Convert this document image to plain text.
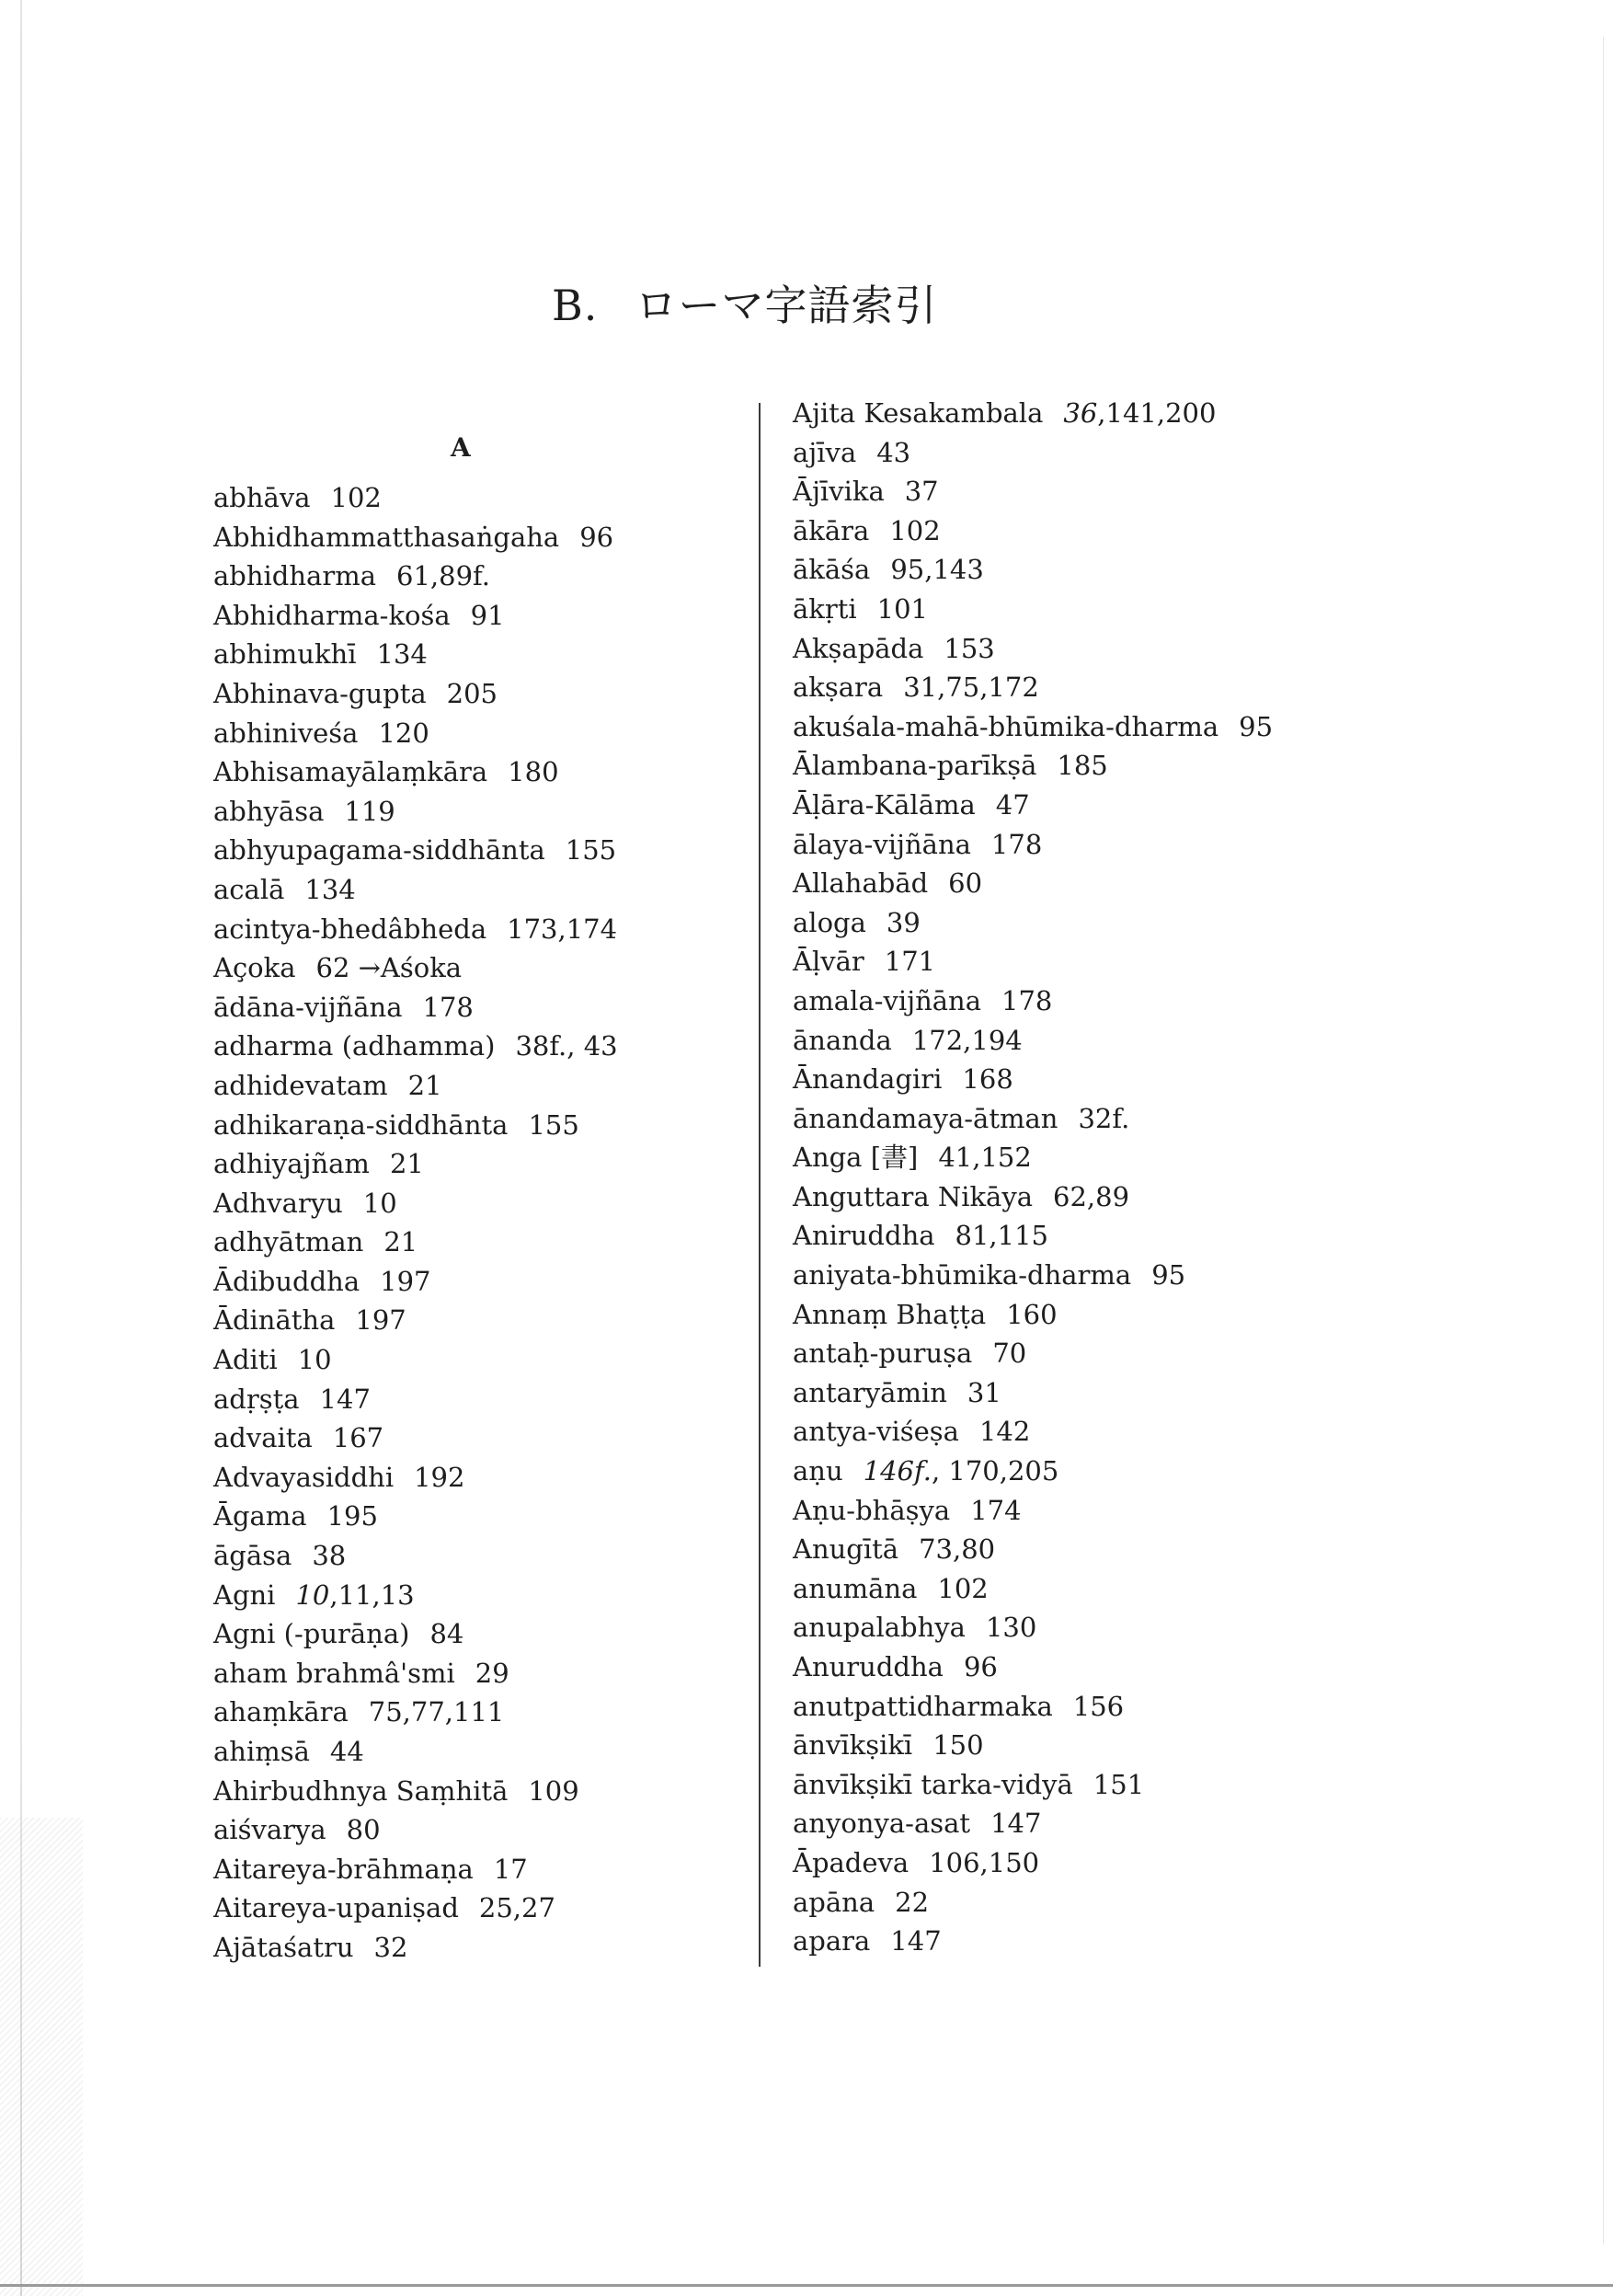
B. ローマ字語索引
A
abhāva 102
Abhidhammatthasaṅgaha 96
abhidharma 61,89f.
Abhidharma-kośa 91
abhimukhī 134
Abhinava-gupta 205
abhiniveśa 120
Abhisamayālaṃkāra 180
abhyāsa 119
abhyupagama-siddhānta 155
acalā 134
acintya-bhedâbheda 173,174
Açoka 62 →Aśoka
ādāna-vijñāna 178
adharma (adhamma) 38f., 43
adhidevatam 21
adhikaraṇa-siddhānta 155
adhiyajñam 21
Adhvaryu 10
adhyātman 21
Ādibuddha 197
Ādinātha 197
Aditi 10
adṛṣṭa 147
advaita 167
Advayasiddhi 192
Āgama 195
āgāsa 38
Agni 10,11,13
Agni (-purāṇa) 84
aham brahmâ'smi 29
ahaṃkāra 75,77,111
ahiṃsā 44
Ahirbudhnya Saṃhitā 109
aiśvarya 80
Aitareya-brāhmaṇa 17
Aitareya-upaniṣad 25,27
Ajātaśatru 32
Ajita Kesakambala 36,141,200
ajīva 43
Ājīvika 37
ākāra 102
ākāśa 95,143
ākṛti 101
Akṣapāda 153
akṣara 31,75,172
akuśala-mahā-bhūmika-dharma 95
Ālambana-parīkṣā 185
Āḷāra-Kālāma 47
ālaya-vijñāna 178
Allahabād 60
aloga 39
Āḷvār 171
amala-vijñāna 178
ānanda 172,194
Ānandagiri 168
ānandamaya-ātman 32f.
Anga [書] 41,152
Anguttara Nikāya 62,89
Aniruddha 81,115
aniyata-bhūmika-dharma 95
Annaṃ Bhaṭṭa 160
antaḥ-puruṣa 70
antaryāmin 31
antya-viśeṣa 142
aṇu 146f., 170,205
Aṇu-bhāṣya 174
Anugītā 73,80
anumāna 102
anupalabhya 130
Anuruddha 96
anutpattidharmaka 156
ānvīkṣikī 150
ānvīkṣikī tarka-vidyā 151
anyonya-asat 147
Āpadeva 106,150
apāna 22
apara 147
